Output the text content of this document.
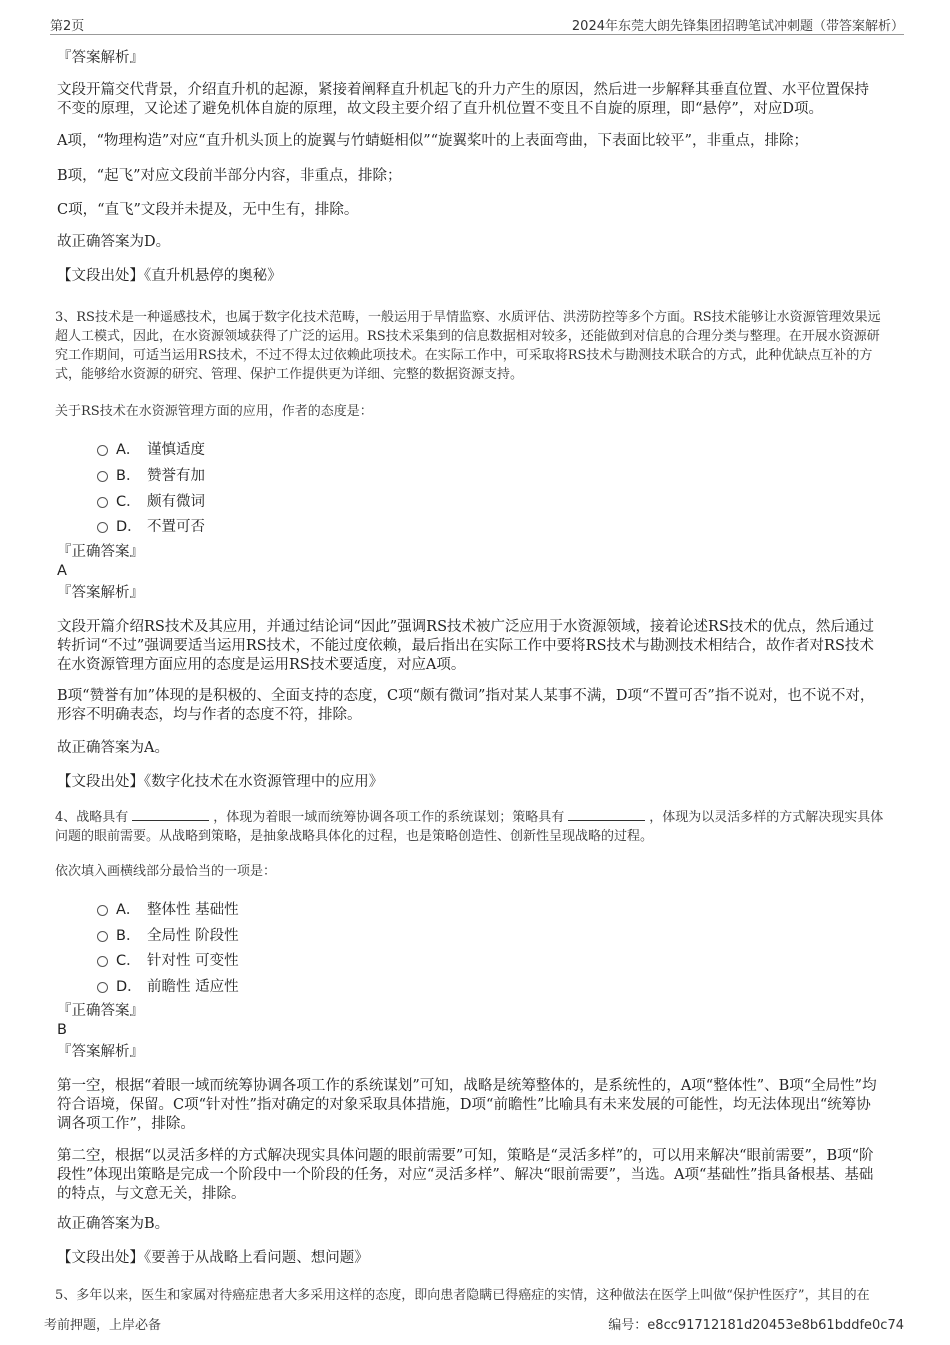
第2页	2024年东莞大朗先锋集团招聘笔试冲刺题（带答案解析）
『答案解析』
文段开篇交代背景，介绍直升机的起源，紧接着阐释直升机起飞的升力产生的原因，然后进一步解释其垂直位置、水平位置保持不变的原理，又论述了避免机体自旋的原理，故文段主要介绍了直升机位置不变且不自旋的原理，即“悬停”，对应D项。
A项，“物理构造”对应“直升机头顶上的旋翼与竹蜻蜓相似”“旋翼桨叶的上表面弯曲，下表面比较平”，非重点，排除；
B项，“起飞”对应文段前半部分内容，非重点，排除；
C项，“直飞”文段并未提及，无中生有，排除。
故正确答案为D。
【文段出处】《直升机悬停的奥秘》
3、RS技术是一种遥感技术，也属于数字化技术范畴，一般运用于旱情监察、水质评估、洪涝防控等多个方面。RS技术能够让水资源管理效果远超人工模式，因此，在水资源领域获得了广泛的运用。RS技术采集到的信息数据相对较多，还能做到对信息的合理分类与整理。在开展水资源研究工作期间，可适当运用RS技术，不过不得太过依赖此项技术。在实际工作中，可采取将RS技术与勘测技术联合的方式，此种优缺点互补的方式，能够给水资源的研究、管理、保护工作提供更为详细、完整的数据资源支持。
关于RS技术在水资源管理方面的应用，作者的态度是：
A． 谨慎适度
B． 赞誉有加
C． 颇有微词
D． 不置可否
『正确答案』
A
『答案解析』
文段开篇介绍RS技术及其应用，并通过结论词“因此”强调RS技术被广泛应用于水资源领域，接着论述RS技术的优点，然后通过转折词“不过”强调要适当运用RS技术，不能过度依赖，最后指出在实际工作中要将RS技术与勘测技术相结合，故作者对RS技术在水资源管理方面应用的态度是运用RS技术要适度，对应A项。
B项“赞誉有加”体现的是积极的、全面支持的态度，C项“颇有微词”指对某人某事不满，D项“不置可否”指不说对，也不说不对，形容不明确表态，均与作者的态度不符，排除。
故正确答案为A。
【文段出处】《数字化技术在水资源管理中的应用》
4、战略具有	，体现为着眼一域而统筹协调各项工作的系统谋划；策略具有	，体现为以灵活多样的方式解决现实具体问题的眼前需要。从战略到策略，是抽象战略具体化的过程，也是策略创造性、创新性呈现战略的过程。
依次填入画横线部分最恰当的一项是：
A． 整体性 基础性
B． 全局性 阶段性
C． 针对性 可变性
D． 前瞻性 适应性
『正确答案』
B
『答案解析』
第一空，根据“着眼一域而统筹协调各项工作的系统谋划”可知，战略是统筹整体的，是系统性的，A项“整体性”、B项“全局性”均符合语境，保留。C项“针对性”指对确定的对象采取具体措施，D项“前瞻性”比喻具有未来发展的可能性，均无法体现出“统筹协调各项工作”，排除。
第二空，根据“以灵活多样的方式解决现实具体问题的眼前需要”可知，策略是“灵活多样”的，可以用来解决“眼前需要”，B项“阶段性”体现出策略是完成一个阶段中一个阶段的任务，对应“灵活多样”、解决“眼前需要”，当选。A项“基础性”指具备根基、基础的特点，与文意无关，排除。
故正确答案为B。
【文段出处】《要善于从战略上看问题、想问题》
5、多年以来，医生和家属对待癌症患者大多采用这样的态度，即向患者隐瞒已得癌症的实情，这种做法在医学上叫做“保护性医疗”，其目的在
考前押题，上岸必备	编号：e8cc91712181d20453e8b61bddfe0c74
